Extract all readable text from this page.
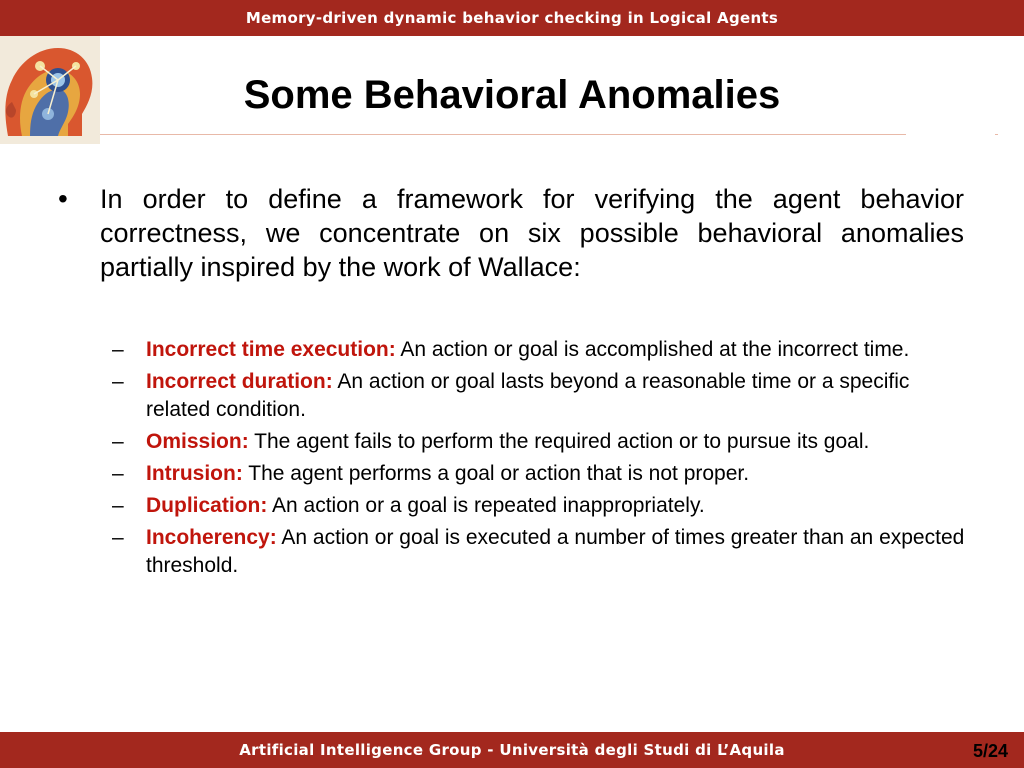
Memory-driven dynamic behavior checking in Logical Agents
Some Behavioral Anomalies
• In order to define a framework for verifying the agent behavior correctness, we concentrate on six possible behavioral anomalies partially inspired by the work of Wallace:
– Incorrect time execution: An action or goal is accomplished at the incorrect time.
– Incorrect duration: An action or goal lasts beyond a reasonable time or a specific related condition.
– Omission: The agent fails to perform the required action or to pursue its goal.
– Intrusion: The agent performs a goal or action that is not proper.
– Duplication: An action or a goal is repeated inappropriately.
– Incoherency: An action or goal is executed a number of times greater than an expected threshold.
Artificial Intelligence Group - Università degli Studi di L’Aquila	5/24
